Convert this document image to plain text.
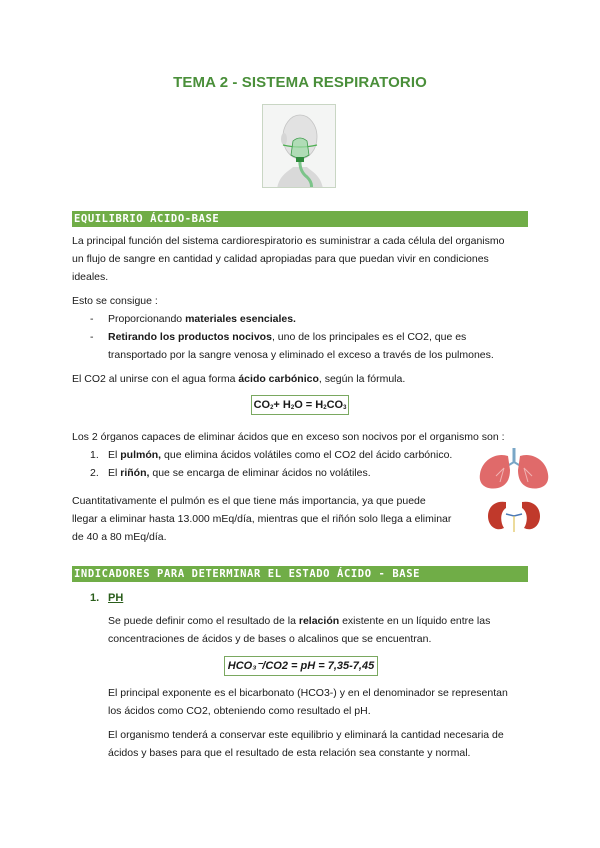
TEMA 2 - SISTEMA RESPIRATORIO
EQUILIBRIO ÁCIDO-BASE
La principal función del sistema cardiorespiratorio es suministrar a cada célula del organismo
un flujo de sangre en cantidad y calidad apropiadas para que puedan vivir en condiciones
ideales.
Esto se consigue :
- Proporcionando materiales esenciales.
- Retirando los productos nocivos, uno de los principales es el CO2, que es
transportado por la sangre venosa y eliminado el exceso a través de los pulmones.
El CO2 al unirse con el agua forma ácido carbónico, según la fórmula.
$CO_2+ H_2O = H_2CO_3$
Los 2 órganos capaces de eliminar ácidos que en exceso son nocivos por el organismo son :
1. El pulmón, que elimina ácidos volátiles como el CO2 del ácido carbónico.
2. El riñón, que se encarga de eliminar ácidos no volátiles.
Cuantitativamente el pulmón es el que tiene más importancia, ya que puede
llegar a eliminar hasta 13.000 mEq/día, mientras que el riñón solo llega a eliminar
de 40 a 80 mEq/día.
INDICADORES PARA DETERMINAR EL ESTADO ÁCIDO - BASE
1. PH
Se puede definir como el resultado de la relación existente en un líquido entre las
concentraciones de ácidos y de bases o alcalinos que se encuentran.
HCO₃⁻/CO2 = pH = 7,35-7,45
El principal exponente es el bicarbonato (HCO3-) y en el denominador se representan
los ácidos como CO2, obteniendo como resultado el pH.
El organismo tenderá a conservar este equilibrio y eliminará la cantidad necesaria de
ácidos y bases para que el resultado de esta relación sea constante y normal.
